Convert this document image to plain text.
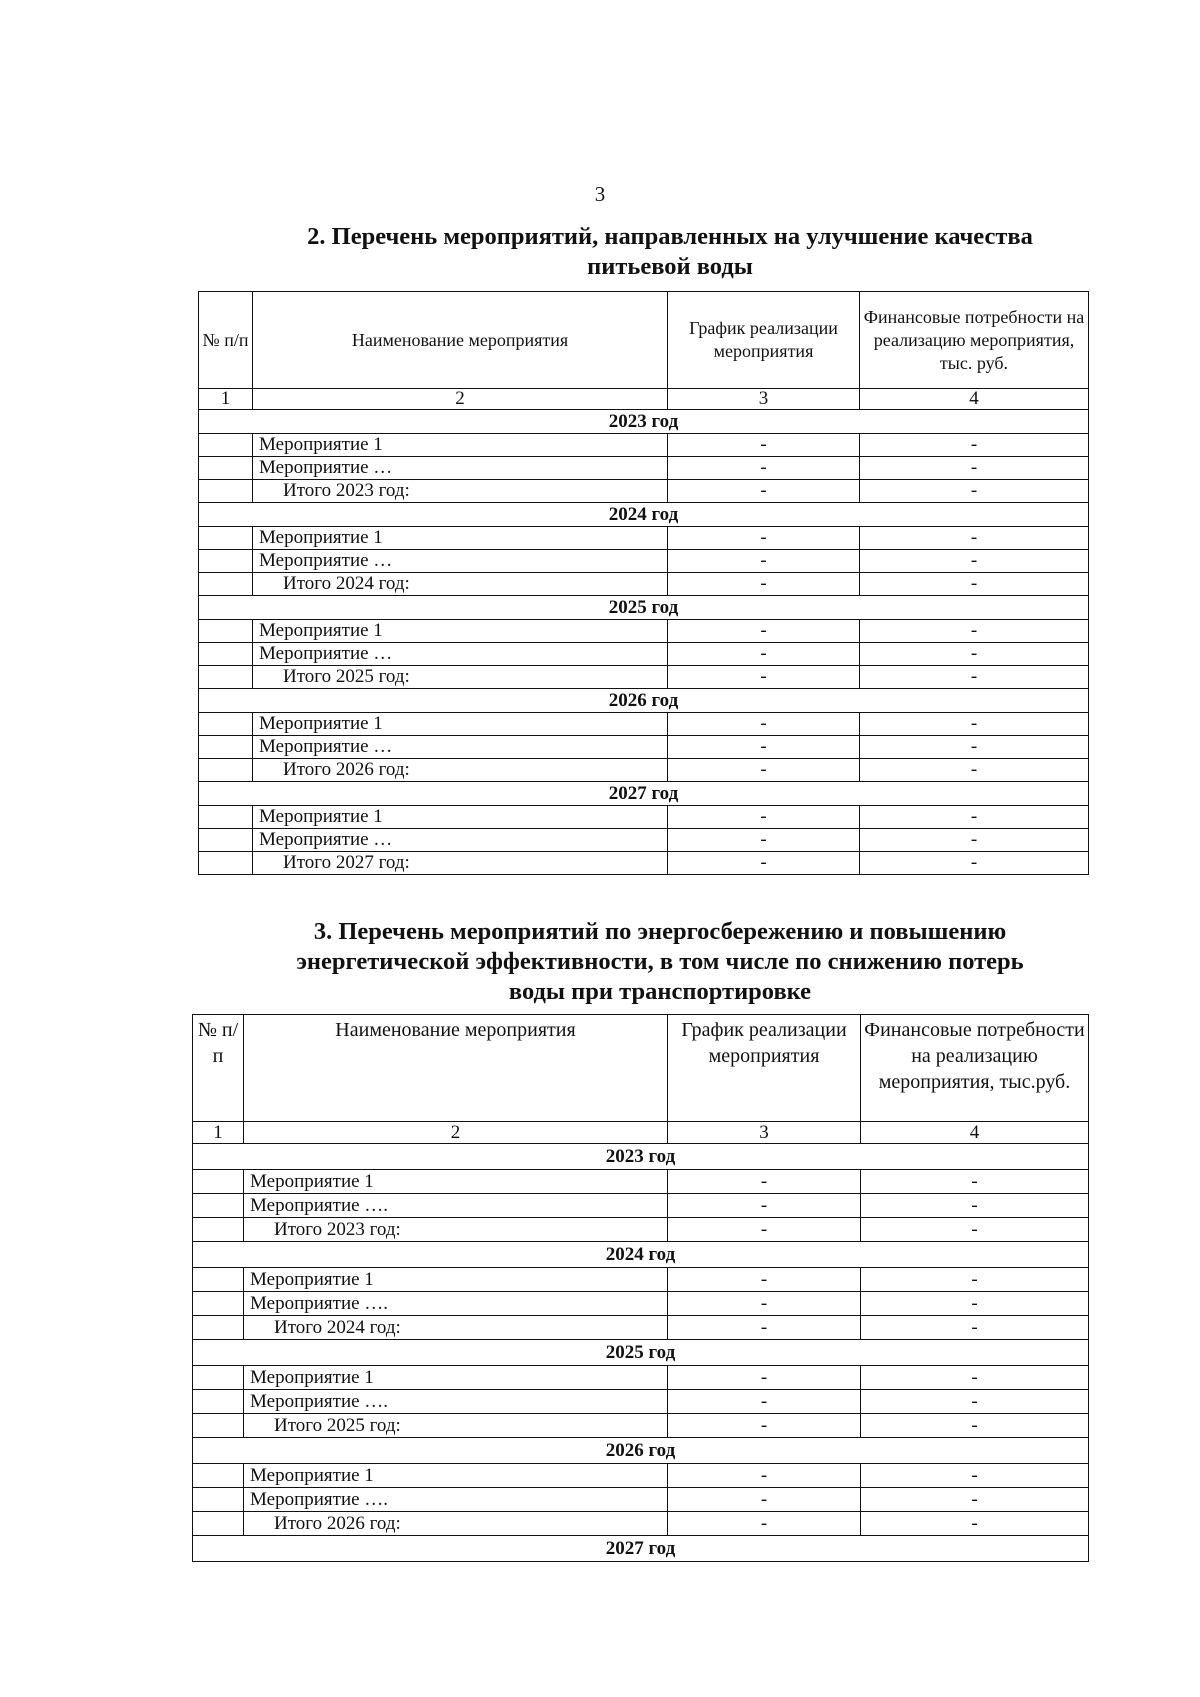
3
2. Перечень мероприятий, направленных на улучшение качества
питьевой воды
№ п/п	Наименование мероприятия	График реализации мероприятия	Финансовые потребности на реализацию мероприятия, тыс. руб.
1	2	3	4
2023 год			
	Мероприятие 1	-	-
	Мероприятие …	-	-
	Итого 2023 год:	-	-
2024 год			
	Мероприятие 1	-	-
	Мероприятие …	-	-
	Итого 2024 год:	-	-
2025 год			
	Мероприятие 1	-	-
	Мероприятие …	-	-
	Итого 2025 год:	-	-
2026 год			
	Мероприятие 1	-	-
	Мероприятие …	-	-
	Итого 2026 год:	-	-
2027 год			
	Мероприятие 1	-	-
	Мероприятие …	-	-
	Итого 2027 год:	-	-
3. Перечень мероприятий по энергосбережению и повышению
энергетической эффективности, в том числе по снижению потерь
воды при транспортировке
№ п/п	Наименование мероприятия	График реализации мероприятия	Финансовые потребности на реализацию мероприятия, тыс.руб.
1	2	3	4
2023 год			
	Мероприятие 1	-	-
	Мероприятие ….	-	-
	Итого 2023 год:	-	-
2024 год			
	Мероприятие 1	-	-
	Мероприятие ….	-	-
	Итого 2024 год:	-	-
2025 год			
	Мероприятие 1	-	-
	Мероприятие ….	-	-
	Итого 2025 год:	-	-
2026 год			
	Мероприятие 1	-	-
	Мероприятие ….	-	-
	Итого 2026 год:	-	-
2027 год			
